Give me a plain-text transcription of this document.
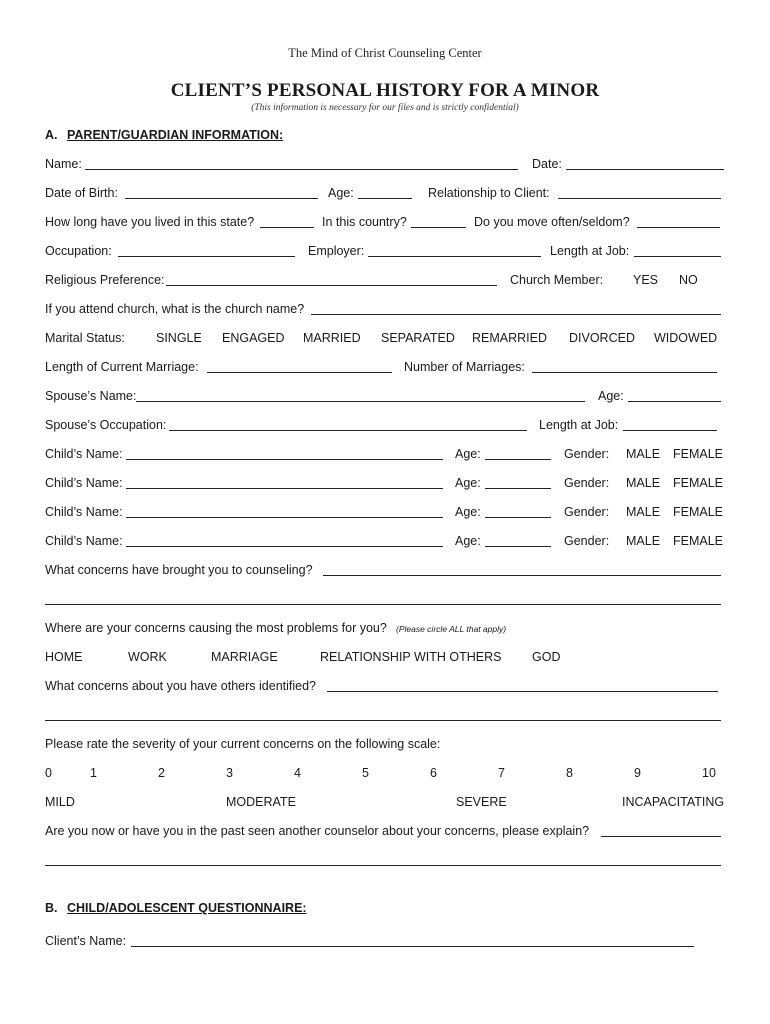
The Mind of Christ Counseling Center
CLIENT’S PERSONAL HISTORY FOR A MINOR
(This information is necessary for our files and is strictly confidential)
A. PARENT/GUARDIAN INFORMATION:
Name:	Date:
Date of Birth:	Age:	Relationship to Client:
How long have you lived in this state?	In this country?	Do you move often/seldom?
Occupation:	Employer:	Length at Job:
Religious Preference:	Church Member: YES NO
If you attend church, what is the church name?
Marital Status: SINGLE ENGAGED MARRIED SEPARATED REMARRIED DIVORCED WIDOWED
Length of Current Marriage:	Number of Marriages:
Spouse’s Name:	Age:
Spouse’s Occupation:	Length at Job:
Child’s Name:	Age:	Gender: MALE FEMALE
Child’s Name:	Age:	Gender: MALE FEMALE
Child’s Name:	Age:	Gender: MALE FEMALE
Child’s Name:	Age:	Gender: MALE FEMALE
What concerns have brought you to counseling?
Where are your concerns causing the most problems for you? (Please circle ALL that apply)
HOME	WORK	MARRIAGE	RELATIONSHIP WITH OTHERS GOD
What concerns about you have others identified?
Please rate the severity of your current concerns on the following scale:
0	1	2	3	4	5	6	7	8	9	10
MILD	MODERATE	SEVERE	INCAPACITATING
Are you now or have you in the past seen another counselor about your concerns, please explain?
B. CHILD/ADOLESCENT QUESTIONNAIRE:
Client’s Name:
